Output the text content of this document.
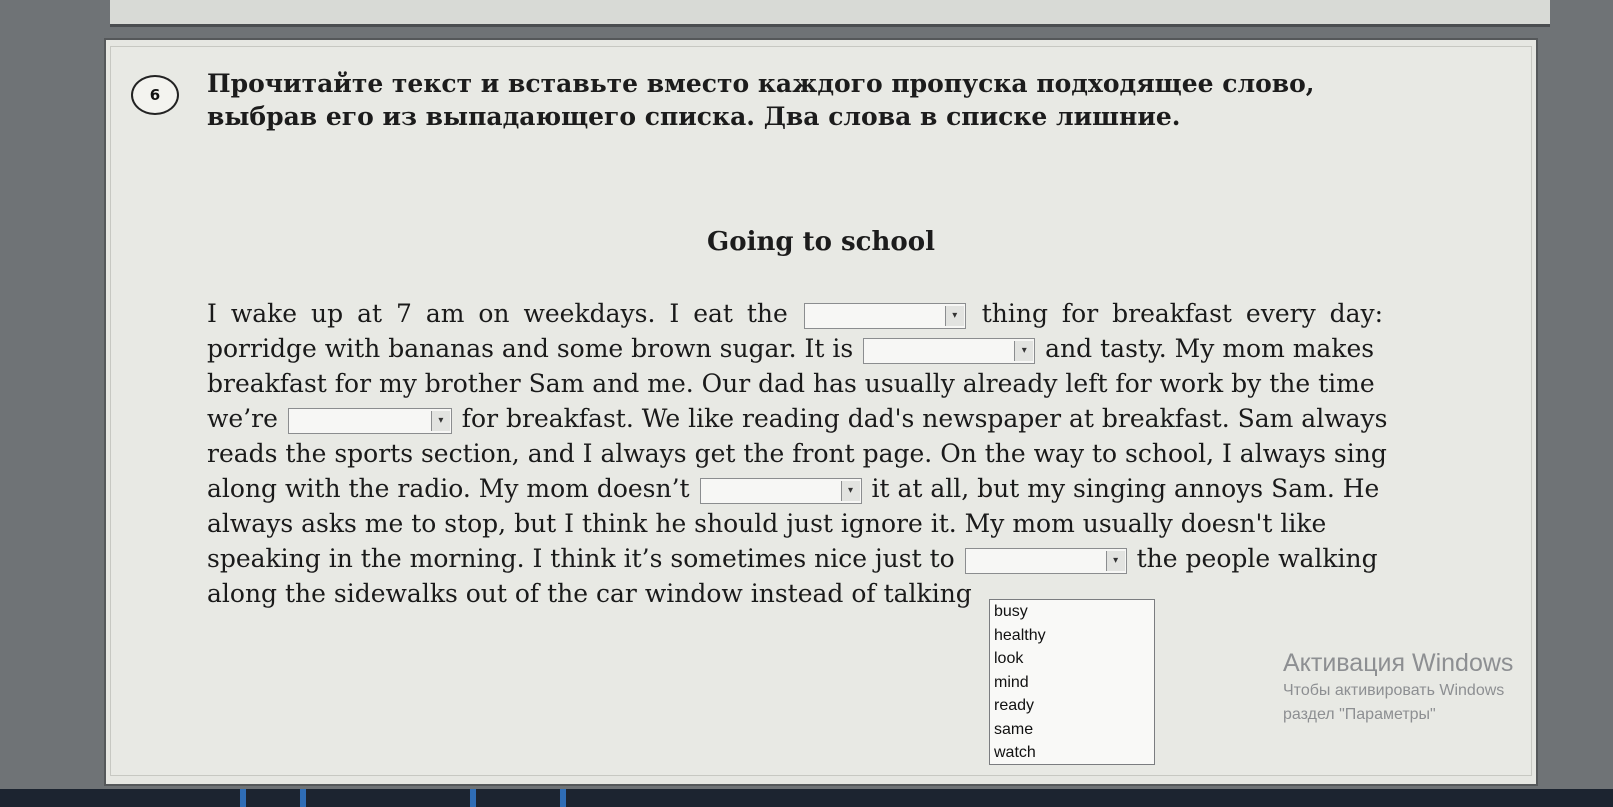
6	Прочитайте текст и вставьте вместо каждого пропуска подходящее слово, выбрав его из выпадающего списка. Два слова в списке лишние.
Going to school
I wake up at 7 am on weekdays. I eat the	▾ thing for breakfast every day:
porridge with bananas and some brown sugar. It is	▾ and tasty. My mom makes
breakfast for my brother Sam and me. Our dad has usually already left for work by the time
we’re	▾ for breakfast. We like reading dad's newspaper at breakfast. Sam always
reads the sports section, and I always get the front page. On the way to school, I always sing
along with the radio. My mom doesn’t	▾ it at all, but my singing annoys Sam. He
always asks me to stop, but I think he should just ignore it. My mom usually doesn't like
speaking in the morning. I think it’s sometimes nice just to	▾ the people walking
along the sidewalks out of the car window instead of talking
busy
healthy
look
mind
ready
same
watch
Активация Windows
Чтобы активировать Windows
раздел "Параметры"
